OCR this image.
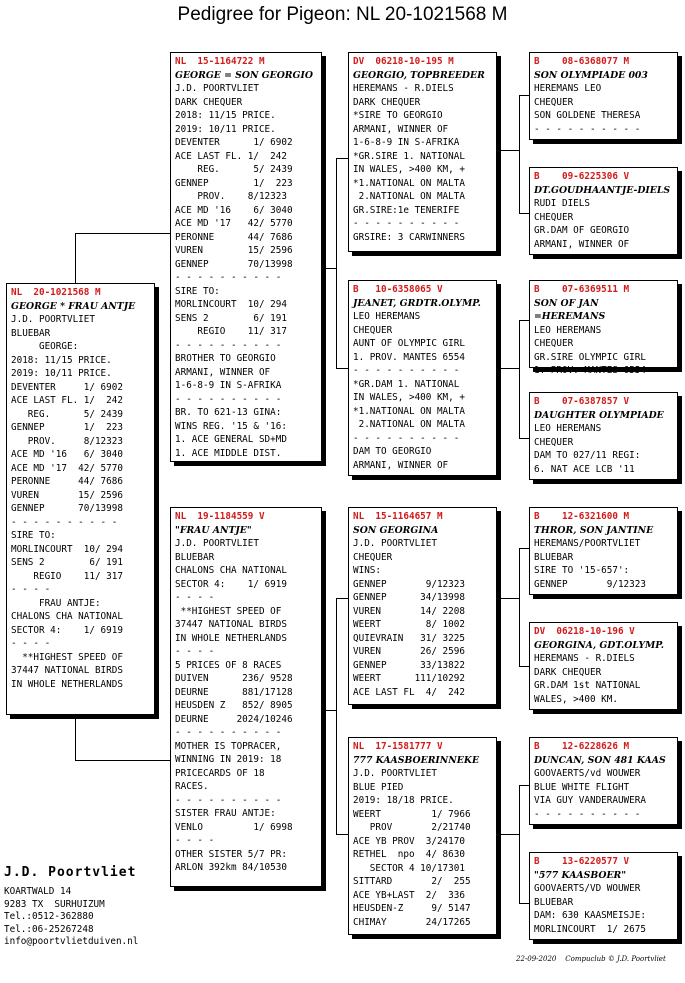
Pedigree for Pigeon: NL 20-1021568 M
NL  20-1021568 M
GEORGE * FRAU ANTJE
J.D. POORTVLIET
BLUEBAR
GEORGE:
2018: 11/15 PRICE.
2019: 10/11 PRICE.
DEVENTER     1/ 6902
ACE LAST FL. 1/  242
REG.      5/ 2439
GENNEP       1/  223
PROV.     8/12323
ACE MD '16   6/ 3040
ACE MD '17  42/ 5770
PERONNE     44/ 7686
VUREN       15/ 2596
GENNEP      70/13998
- - - - - - - - - -
SIRE TO:
MORLINCOURT  10/ 294
SENS 2        6/ 191
REGIO    11/ 317
- - - -
FRAU ANTJE:
CHALONS CHA NATIONAL
SECTOR 4:    1/ 6919
- - - -
**HIGHEST SPEED OF
37447 NATIONAL BIRDS
IN WHOLE NETHERLANDS
NL  15-1164722 M
GEORGE = SON GEORGIO
J.D. POORTVLIET
DARK CHEQUER
2018: 11/15 PRICE.
2019: 10/11 PRICE.
DEVENTER      1/ 6902
ACE LAST FL. 1/  242
REG.      5/ 2439
GENNEP        1/  223
PROV.    8/12323
ACE MD '16    6/ 3040
ACE MD '17   42/ 5770
PERONNE      44/ 7686
VUREN        15/ 2596
GENNEP       70/13998
- - - - - - - - - -
SIRE TO:
MORLINCOURT  10/ 294
SENS 2        6/ 191
REGIO    11/ 317
- - - - - - - - - -
BROTHER TO GEORGIO
ARMANI, WINNER OF
1-6-8-9 IN S-AFRIKA
- - - - - - - - - -
BR. TO 621-13 GINA:
WINS REG. '15 & '16:
1. ACE GENERAL SD+MD
1. ACE MIDDLE DIST.
NL  19-1184559 V
"FRAU ANTJE"
J.D. POORTVLIET
BLUEBAR
CHALONS CHA NATIONAL
SECTOR 4:    1/ 6919
- - - -
**HIGHEST SPEED OF
37447 NATIONAL BIRDS
IN WHOLE NETHERLANDS
- - - -
5 PRICES OF 8 RACES
DUIVEN      236/ 9528
DEURNE      881/17128
HEUSDEN Z   852/ 8905
DEURNE     2024/10246
- - - - - - - - - -
MOTHER IS TOPRACER,
WINNING IN 2019: 18
PRICECARDS OF 18
RACES.
- - - - - - - - - -
SISTER FRAU ANTJE:
VENLO         1/ 6998
- - - -
OTHER SISTER 5/7 PR:
ARLON 392km 84/10530
DV  06218-10-195 M
GEORGIO, TOPBREEDER
HEREMANS - R.DIELS
DARK CHEQUER
*SIRE TO GEORGIO
ARMANI, WINNER OF
1-6-8-9 IN S-AFRIKA
*GR.SIRE 1. NATIONAL
IN WALES, >400 KM, +
*1.NATIONAL ON MALTA
2.NATIONAL ON MALTA
GR.SIRE:1e TENERIFE
- - - - - - - - - -
GRSIRE: 3 CARWINNERS
B   10-6358065 V
JEANET, GRDTR.OLYMP.
LEO HEREMANS
CHEQUER
AUNT OF OLYMPIC GIRL
1. PROV. MANTES 6554
- - - - - - - - - -
*GR.DAM 1. NATIONAL
IN WALES, >400 KM, +
*1.NATIONAL ON MALTA
2.NATIONAL ON MALTA
- - - - - - - - - -
DAM TO GEORGIO
ARMANI, WINNER OF
NL  15-1164657 M
SON GEORGINA
J.D. POORTVLIET
CHEQUER
WINS:
GENNEP       9/12323
GENNEP      34/13998
VUREN       14/ 2208
WEERT        8/ 1002
QUIEVRAIN   31/ 3225
VUREN       26/ 2596
GENNEP      33/13822
WEERT      111/10292
ACE LAST FL  4/  242
NL  17-1581777 V
777 KAASBOERINNEKE
J.D. POORTVLIET
BLUE PIED
2019: 18/18 PRICE.
WEERT         1/ 7966
PROV       2/21740
ACE YB PROV  3/24170
RETHEL  npo  4/ 8630
SECTOR 4 10/17301
SITTARD       2/  255
ACE YB+LAST  2/  336
HEUSDEN-Z     9/ 5147
CHIMAY       24/17265
B    08-6368077 M
SON OLYMPIADE 003
HEREMANS LEO
CHEQUER
SON GOLDENE THERESA
- - - - - - - - - -
B    09-6225306 V
DT.GOUDHAANTJE-DIELS
RUDI DIELS
CHEQUER
GR.DAM OF GEORGIO
ARMANI, WINNER OF
B    07-6369511 M
SON OF JAN =HEREMANS
LEO HEREMANS
CHEQUER
GR.SIRE OLYMPIC GIRL
1. PROV. MANTES 6554
B    07-6387857 V
DAUGHTER OLYMPIADE
LEO HEREMANS
CHEQUER
DAM TO 027/11 REGI:
6. NAT ACE LCB '11
B    12-6321600 M
THROR, SON JANTINE
HEREMANS/POORTVLIET
BLUEBAR
SIRE TO '15-657':
GENNEP       9/12323
DV  06218-10-196 V
GEORGINA, GDT.OLYMP.
HEREMANS - R.DIELS
DARK CHEQUER
GR.DAM 1st NATIONAL
WALES, >400 KM.
B    12-6228626 M
DUNCAN, SON 481 KAAS
GOOVAERTS/vd WOUWER
BLUE WHITE FLIGHT
VIA GUY VANDERAUWERA
- - - - - - - - - -
B    13-6220577 V
"577 KAASBOER"
GOOVAERTS/VD WOUWER
BLUEBAR
DAM: 630 KAASMEISJE:
MORLINCOURT  1/ 2675
J.D. Poortvliet
KOARTWALD 14
9283 TX  SURHUIZUM
Tel.:0512-362880
Tel.:06-25267248
info@poortvlietduiven.nl
22-09-2020    Compuclub © J.D. Poortvliet
